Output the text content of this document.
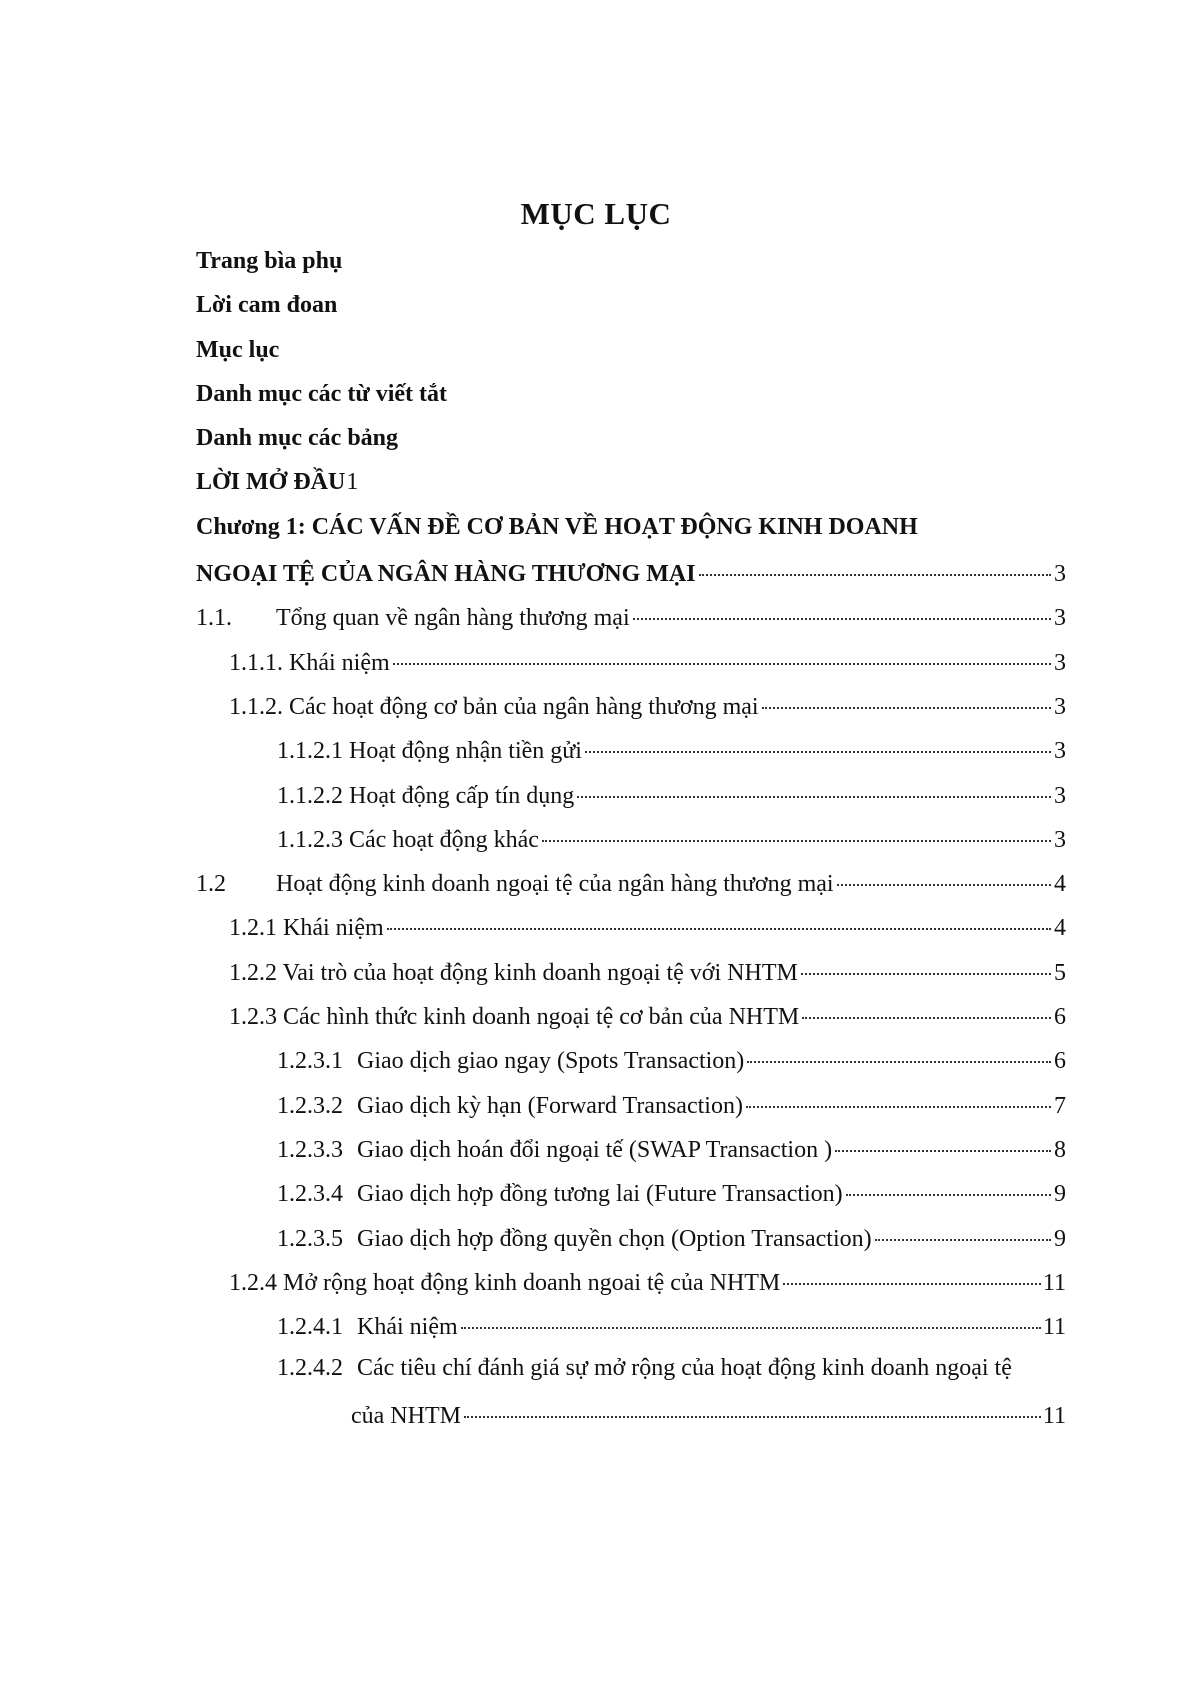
MỤC LỤC
Trang bìa phụ
Lời cam đoan
Mục lục
Danh mục các từ viết tắt
Danh mục các bảng
LỜI MỞ ĐẦU 1
Chương 1: CÁC VẤN ĐỀ CƠ BẢN VỀ HOẠT ĐỘNG KINH DOANH
NGOẠI TỆ CỦA NGÂN HÀNG THƯƠNG MẠI	3
1.1.	Tổng quan về ngân hàng thương mại	3
1.1.1. Khái niệm	3
1.1.2. Các hoạt động cơ bản của ngân hàng thương mại	3
1.1.2.1 Hoạt động nhận tiền gửi	3
1.1.2.2 Hoạt động cấp tín dụng	3
1.1.2.3 Các hoạt động khác	3
1.2	Hoạt động kinh doanh ngoại tệ của ngân hàng thương mại	4
1.2.1 Khái niệm	4
1.2.2 Vai trò của hoạt động kinh doanh ngoại tệ với NHTM	5
1.2.3 Các hình thức kinh doanh ngoại tệ cơ bản của NHTM	6
1.2.3.1 Giao dịch giao ngay (Spots Transaction)	6
1.2.3.2 Giao dịch kỳ hạn (Forward Transaction)	7
1.2.3.3 Giao dịch hoán đổi ngoại tế (SWAP Transaction )	8
1.2.3.4 Giao dịch hợp đồng tương lai (Future Transaction)	9
1.2.3.5 Giao dịch hợp đồng quyền chọn (Option Transaction)	9
1.2.4 Mở rộng hoạt động kinh doanh ngoai tệ của NHTM	11
1.2.4.1 Khái niệm	11
1.2.4.2 Các tiêu chí đánh giá sự mở rộng của hoạt động kinh doanh ngoại tệ
của NHTM	11
